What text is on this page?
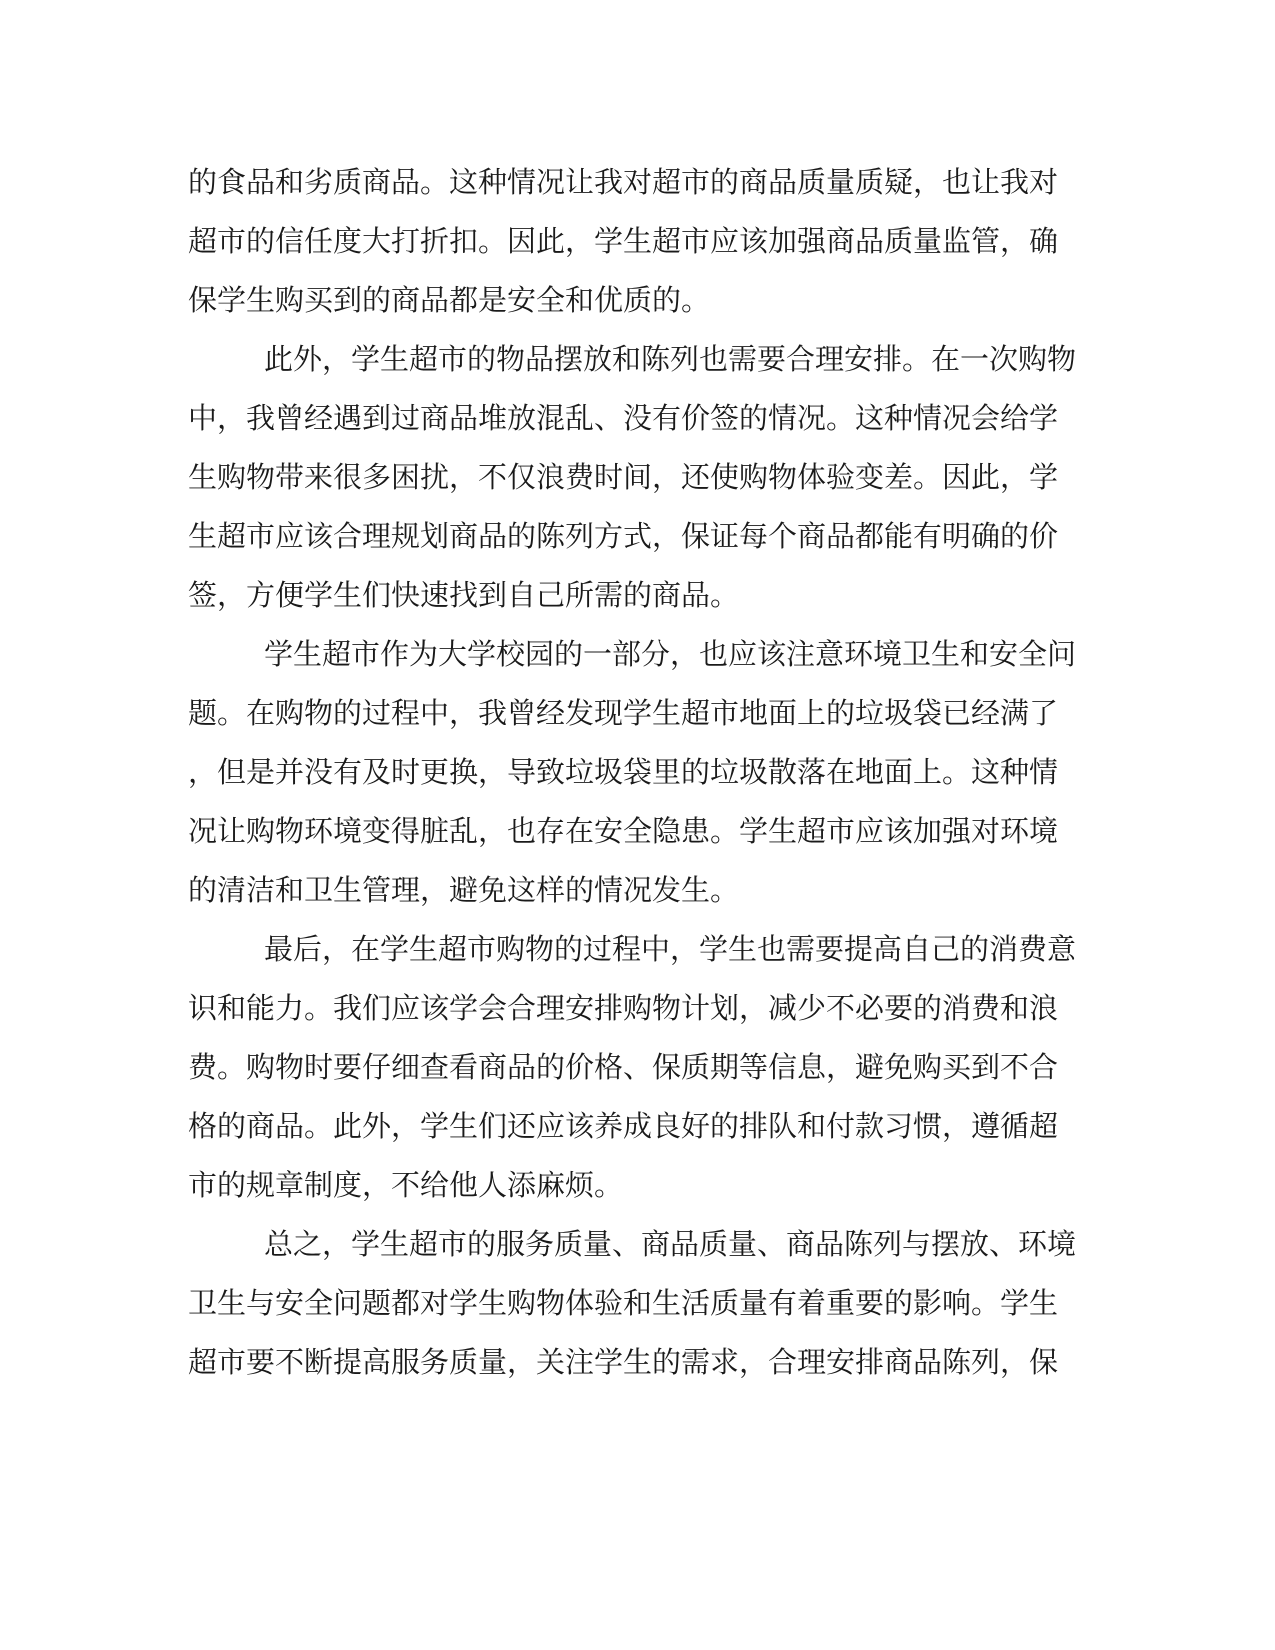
的食品和劣质商品。这种情况让我对超市的商品质量质疑，也让我对
超市的信任度大打折扣。因此，学生超市应该加强商品质量监管，确
保学生购买到的商品都是安全和优质的。
此外，学生超市的物品摆放和陈列也需要合理安排。在一次购物
中，我曾经遇到过商品堆放混乱、没有价签的情况。这种情况会给学
生购物带来很多困扰，不仅浪费时间，还使购物体验变差。因此，学
生超市应该合理规划商品的陈列方式，保证每个商品都能有明确的价
签，方便学生们快速找到自己所需的商品。
学生超市作为大学校园的一部分，也应该注意环境卫生和安全问
题。在购物的过程中，我曾经发现学生超市地面上的垃圾袋已经满了
，但是并没有及时更换，导致垃圾袋里的垃圾散落在地面上。这种情
况让购物环境变得脏乱，也存在安全隐患。学生超市应该加强对环境
的清洁和卫生管理，避免这样的情况发生。
最后，在学生超市购物的过程中，学生也需要提高自己的消费意
识和能力。我们应该学会合理安排购物计划，减少不必要的消费和浪
费。购物时要仔细查看商品的价格、保质期等信息，避免购买到不合
格的商品。此外，学生们还应该养成良好的排队和付款习惯，遵循超
市的规章制度，不给他人添麻烦。
总之，学生超市的服务质量、商品质量、商品陈列与摆放、环境
卫生与安全问题都对学生购物体验和生活质量有着重要的影响。学生
超市要不断提高服务质量，关注学生的需求，合理安排商品陈列，保
